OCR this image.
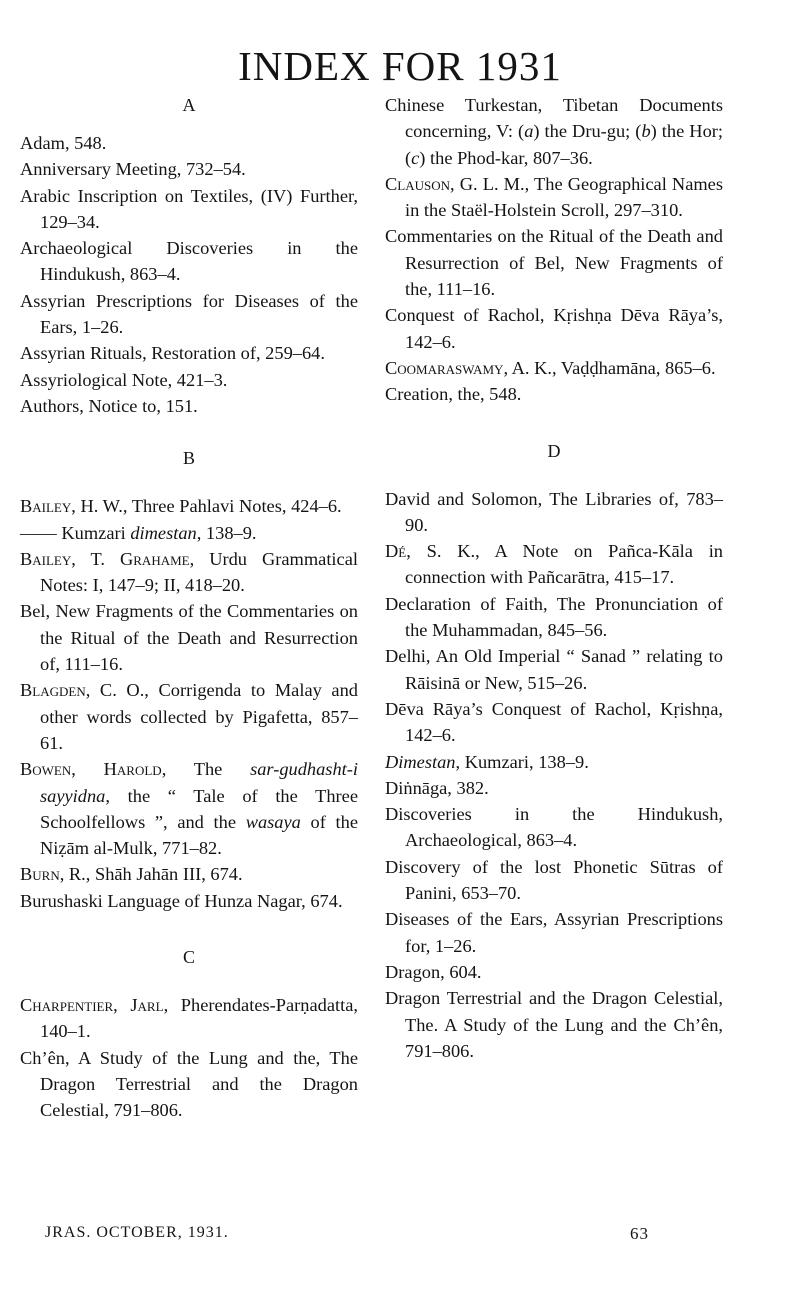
INDEX FOR 1931
A

Adam, 548.

Anniversary Meeting, 732–54.

Arabic Inscription on Textiles, (IV) Further, 129–34.

Archaeological Discoveries in the Hindukush, 863–4.

Assyrian Prescriptions for Diseases of the Ears, 1–26.

Assyrian Rituals, Restoration of, 259–64.

Assyriological Note, 421–3.

Authors, Notice to, 151.

B

Bailey, H. W., Three Pahlavi Notes, 424–6.

—— Kumzari dimestan, 138–9.

Bailey, T. Grahame, Urdu Grammatical Notes: I, 147–9; II, 418–20.

Bel, New Fragments of the Commentaries on the Ritual of the Death and Resurrection of, 111–16.

Blagden, C. O., Corrigenda to Malay and other words collected by Pigafetta, 857–61.

Bowen, Harold, The sar-gudhasht-i sayyidna, the “ Tale of the Three Schoolfellows ”, and the wasaya of the Niẓām al-Mulk, 771–82.

Burn, R., Shāh Jahān III, 674.

Burushaski Language of Hunza Nagar, 674.

C

Charpentier, Jarl, Pherendates-Parṇadatta, 140–1.

Ch’ên, A Study of the Lung and the, The Dragon Terrestrial and the Dragon Celestial, 791–806.

Chinese Turkestan, Tibetan Documents concerning, V: (a) the Dru-gu; (b) the Hor; (c) the Phod-kar, 807–36.

Clauson, G. L. M., The Geographical Names in the Staël-Holstein Scroll, 297–310.

Commentaries on the Ritual of the Death and Resurrection of Bel, New Fragments of the, 111–16.

Conquest of Rachol, Kṛishṇa Dēva Rāya’s, 142–6.

Coomaraswamy, A. K., Vaḍḍhamāna, 865–6.

Creation, the, 548.

D

David and Solomon, The Libraries of, 783–90.

Dé, S. K., A Note on Pañca-Kāla in connection with Pañcarātra, 415–17.

Declaration of Faith, The Pronunciation of the Muhammadan, 845–56.

Delhi, An Old Imperial “ Sanad ” relating to Rāisinā or New, 515–26.

Dēva Rāya’s Conquest of Rachol, Kṛishṇa, 142–6.

Dimestan, Kumzari, 138–9.

Diṅnāga, 382.

Discoveries in the Hindukush, Archaeological, 863–4.

Discovery of the lost Phonetic Sūtras of Panini, 653–70.

Diseases of the Ears, Assyrian Prescriptions for, 1–26.

Dragon, 604.

Dragon Terrestrial and the Dragon Celestial, The. A Study of the Lung and the Ch’ên, 791–806.

JRAS. OCTOBER, 1931.	63
